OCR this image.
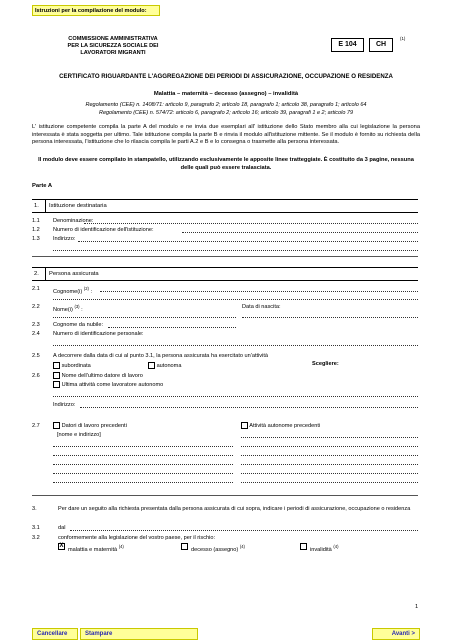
Istruzioni per la compilazione del modulo:
COMMISSIONE AMMINISTRATIVA
PER LA SICUREZZA SOCIALE DEI
LAVORATORI MIGRANTI
E 104	CH
(1)
CERTIFICATO RIGUARDANTE L'AGGREGAZIONE DEI PERIODI DI ASSICURAZIONE, OCCUPAZIONE O RESIDENZA
Malattia – maternità – decesso (assegno) – invalidità
Regolamento (CEE) n. 1408/71: articolo 9, paragrafo 2; articolo 18, paragrafo 1; articolo 38, paragrafo 1; articolo 64
Regolamento (CEE) n. 574/72: articolo 6, paragrafo 2; articolo 16; articolo 39, paragrafi 1 e 2; articolo 79
L' istituzione competente compila la parte A del modulo e ne invia due esemplari all' istituzione dello Stato membro alla cui legislazione la persona interessata è stata soggetta per ultimo. Tale istituzione compila la parte B e rinvia il modulo all'istituzione mittente. Se il modulo è fornito su richiesta della persona interessata, l'istituzione che lo rilascia compila le parti A.2 e B e lo consegna o trasmette alla persona interessata.
Il modulo deve essere compilato in stampatello, utilizzando esclusivamente le apposite linee tratteggiate. È costituito da 3 pagine, nessuna delle quali può essere tralasciata.
Parte A
1.	Istituzione destinataria
1.1 Denominazione:
1.2 Numero di identificazione dell'istituzione:
1.3 Indirizzo:
2.	Persona assicurata
2.1 Cognome(i) $^{(2)}$ :
2.2 Nome(i) $^{(3)}$ :	Data di nascita:
2.3 Cognome da nubile:
2.4 Numero di identificazione personale:
2.5 A decorrere dalla data di cui al punto 3.1, la persona assicurata ha esercitato un'attività
Scegliere:
subordinata	autonoma
2.6	Nome dell'ultimo datore di lavoro
Ultima attività come lavoratore autonomo
Indirizzo:
2.7	Datori di lavoro precedenti
[nome e indirizzo]
Attività autonome precedenti
3.	Per dare un seguito alla richiesta presentata dalla persona assicurata di cui sopra, indicare i periodi di assicurazione, occupazione o residenza
3.1	dal
3.2	conformemente alla legislazione del vostro paese, per il rischio:
X
malattia e maternità $^{(4)}$
decesso (assegno) $^{(4)}$
invalidità $^{(4)}$
1
Cancellare	Stampare	Avanti >
